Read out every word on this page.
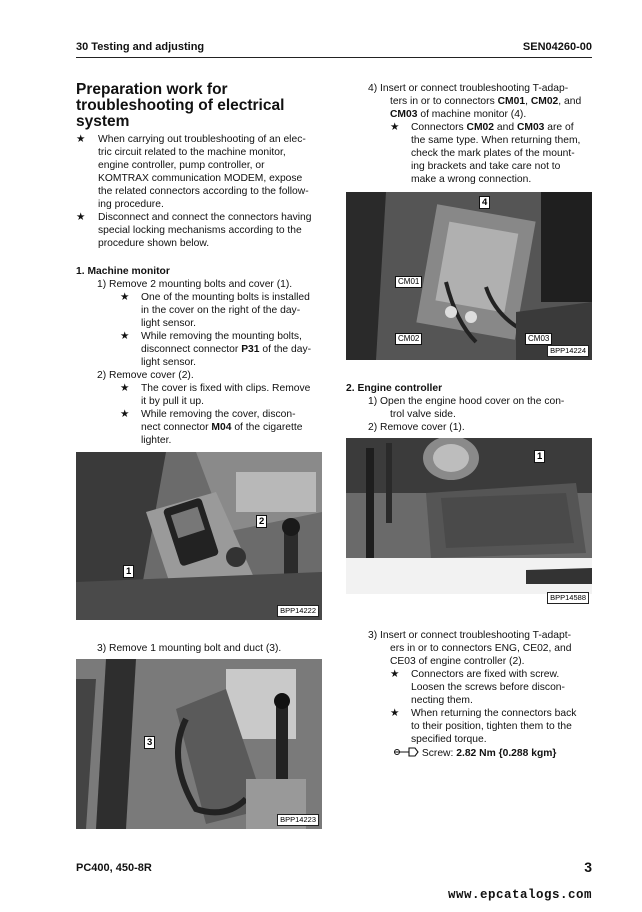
30 Testing and adjusting	SEN04260-00
Preparation work for
troubleshooting of electrical
system
★ When carrying out troubleshooting of an elec-
tric circuit related to the machine monitor,
engine controller, pump controller, or
KOMTRAX communication MODEM, expose
the related connectors according to the follow-
ing procedure.
★ Disconnect and connect the connectors having
special locking mechanisms according to the
procedure shown below.
1. Machine monitor
1) Remove 2 mounting bolts and cover (1).
★ One of the mounting bolts is installed
in the cover on the right of the day-
light sensor.
★ While removing the mounting bolts,
disconnect connector P31 of the day-
light sensor.
2) Remove cover (2).
★ The cover is fixed with clips. Remove
it by pull it up.
★ While removing the cover, discon-
nect connector M04 of the cigarette
lighter.
1
2
BPP14222
3) Remove 1 mounting bolt and duct (3).
3
BPP14223
4) Insert or connect troubleshooting T-adap-
ters in or to connectors CM01, CM02, and
CM03 of machine monitor (4).
★ Connectors CM02 and CM03 are of
the same type. When returning them,
check the mark plates of the mount-
ing brackets and take care not to
make a wrong connection.
4
CM01
CM02	CM03
BPP14224
2. Engine controller
1) Open the engine hood cover on the con-
trol valve side.
2) Remove cover (1).
1
BPP14588
3) Insert or connect troubleshooting T-adapt-
ers in or to connectors ENG, CE02, and
CE03 of engine controller (2).
★ Connectors are fixed with screw.
Loosen the screws before discon-
necting them.
★ When returning the connectors back
to their position, tighten them to the
specified torque.
Screw: 2.82 Nm {0.288 kgm}
PC400, 450-8R	3
www.epcatalogs.com
